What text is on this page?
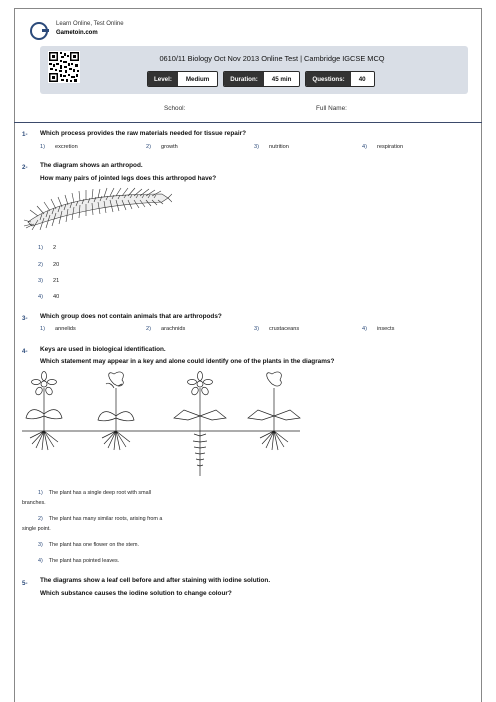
Learn Online, Test Online
Gametoin.com
0610/11 Biology Oct Nov 2013 Online Test | Cambridge IGCSE MCQ
Level:	Medium	Duration:	45 min	Questions:	40
School:	Full Name:
1- Which process provides the raw materials needed for tissue repair?
1) excretion	2) growth	3) nutrition	4) respiration
2- The diagram shows an arthropod.
How many pairs of jointed legs does this arthropod have?
1) 2
2) 20
3) 21
4) 40
3- Which group does not contain animals that are arthropods?
1) annelids	2) arachnids	3) crustaceans	4) insects
4- Keys are used in biological identification.
Which statement may appear in a key and alone could identify one of the plants in the diagrams?
1) The plant has a single deep root with small
branches.
2) The plant has many similar roots, arising from a
single point.
3) The plant has one flower on the stem.
4) The plant has pointed leaves.
5- The diagrams show a leaf cell before and after staining with iodine solution.
Which substance causes the iodine solution to change colour?
